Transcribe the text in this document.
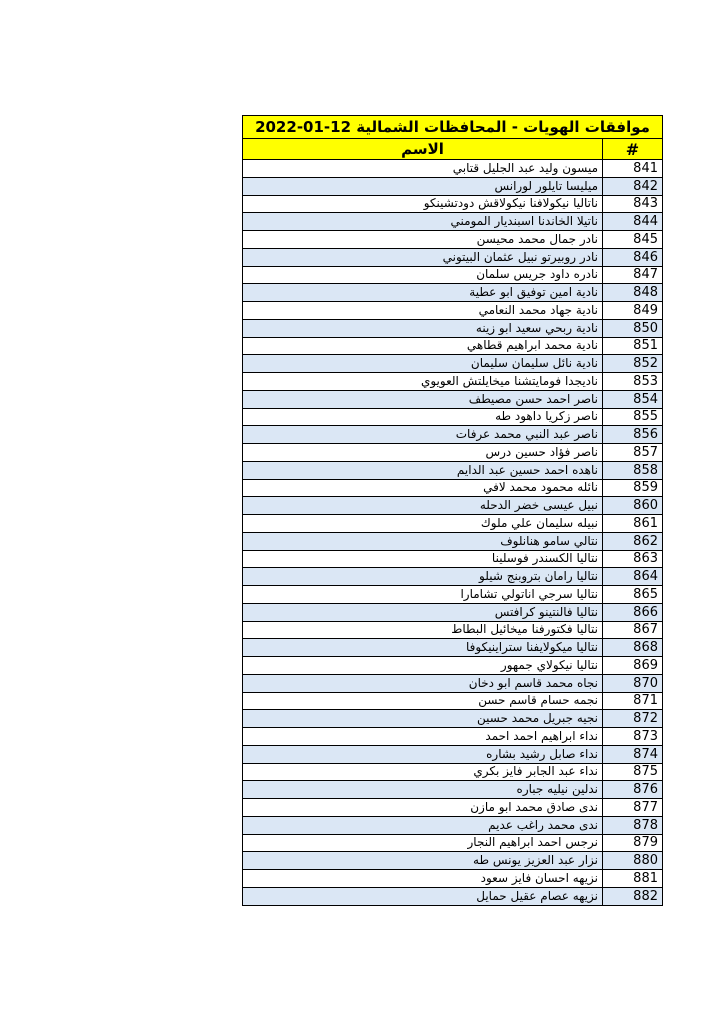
موافقات الهويات - المحافظات الشمالية 12-01-2022	
الاسم	#
ميسون وليد عبد الجليل قتابي	841
ميليسا تايلور لورانس	842
ناتاليا نيكولافنا نيكولاقش دودتشينكو	843
ناتيلا الخاندنا اسبنديار المومني	844
نادر جمال محمد محيسن	845
نادر روبيرتو نبيل عثمان البيتوني	846
نادره داود جريس سلمان	847
نادية امين توفيق ابو عطية	848
نادية جهاد محمد النعامي	849
نادية ربحي سعيد ابو زينه	850
نادية محمد ابراهيم قطاهي	851
نادية نائل سليمان سليمان	852
ناديجدا فومايتشنا ميخايلتش العويوي	853
ناصر احمد حسن مصيطف	854
ناصر زكريا داهود طه	855
ناصر عبد النبي محمد عرفات	856
ناصر فؤاد حسين درس	857
ناهده احمد حسين عبد الدايم	858
نائله محمود محمد لافي	859
نبيل عيسى خضر الدحله	860
نبيله سليمان علي ملوك	861
نتالي سامو هنانلوف	862
نتاليا الكسندر فوسلينا	863
نتاليا رامان بتروبنج شيلو	864
نتاليا سرجي اناتولي تشامارا	865
نتاليا فالنتينو كرافتس	866
نتاليا فكتورفنا ميخائيل البطاط	867
نتاليا ميكولايفنا ستراينيكوفا	868
نتاليا نيكولاي جمهور	869
نجاه محمد قاسم ابو دخان	870
نجمه حسام قاسم حسن	871
نجيه جبريل محمد حسين	872
نداء ابراهيم احمد احمد	873
نداء صابل رشيد بشاره	874
نداء عبد الجابر فايز بكري	875
ندلين نيليه جباره	876
ندى صادق محمد ابو مازن	877
ندى محمد راغب عديم	878
نرجس احمد ابراهيم النجار	879
نزار عبد العزيز يونس طه	880
نزيهه احسان فايز سعود	881
نزيهه عصام عقيل حمايل	882
